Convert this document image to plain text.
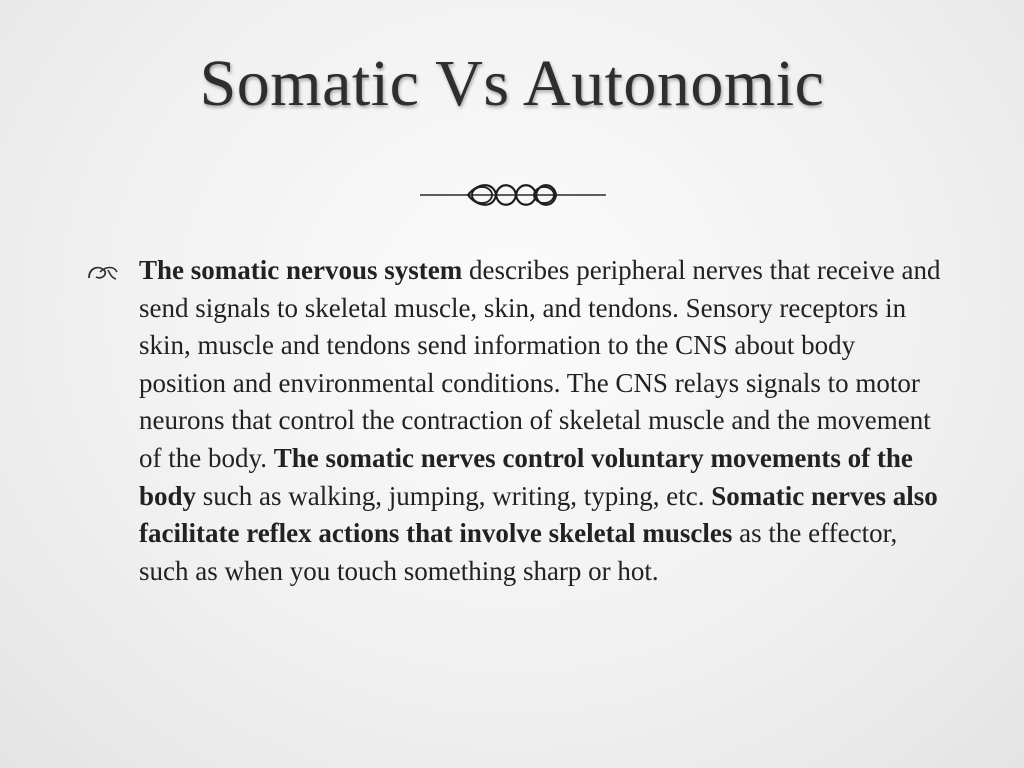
Somatic Vs Autonomic
The somatic nervous system describes peripheral nerves that receive and send signals to skeletal muscle, skin, and tendons. Sensory receptors in skin, muscle and tendons send information to the CNS about body position and environmental conditions. The CNS relays signals to motor neurons that control the contraction of skeletal muscle and the movement of the body. The somatic nerves control voluntary movements of the body such as walking, jumping, writing, typing, etc. Somatic nerves also facilitate reflex actions that involve skeletal muscles as the effector, such as when you touch something sharp or hot.
